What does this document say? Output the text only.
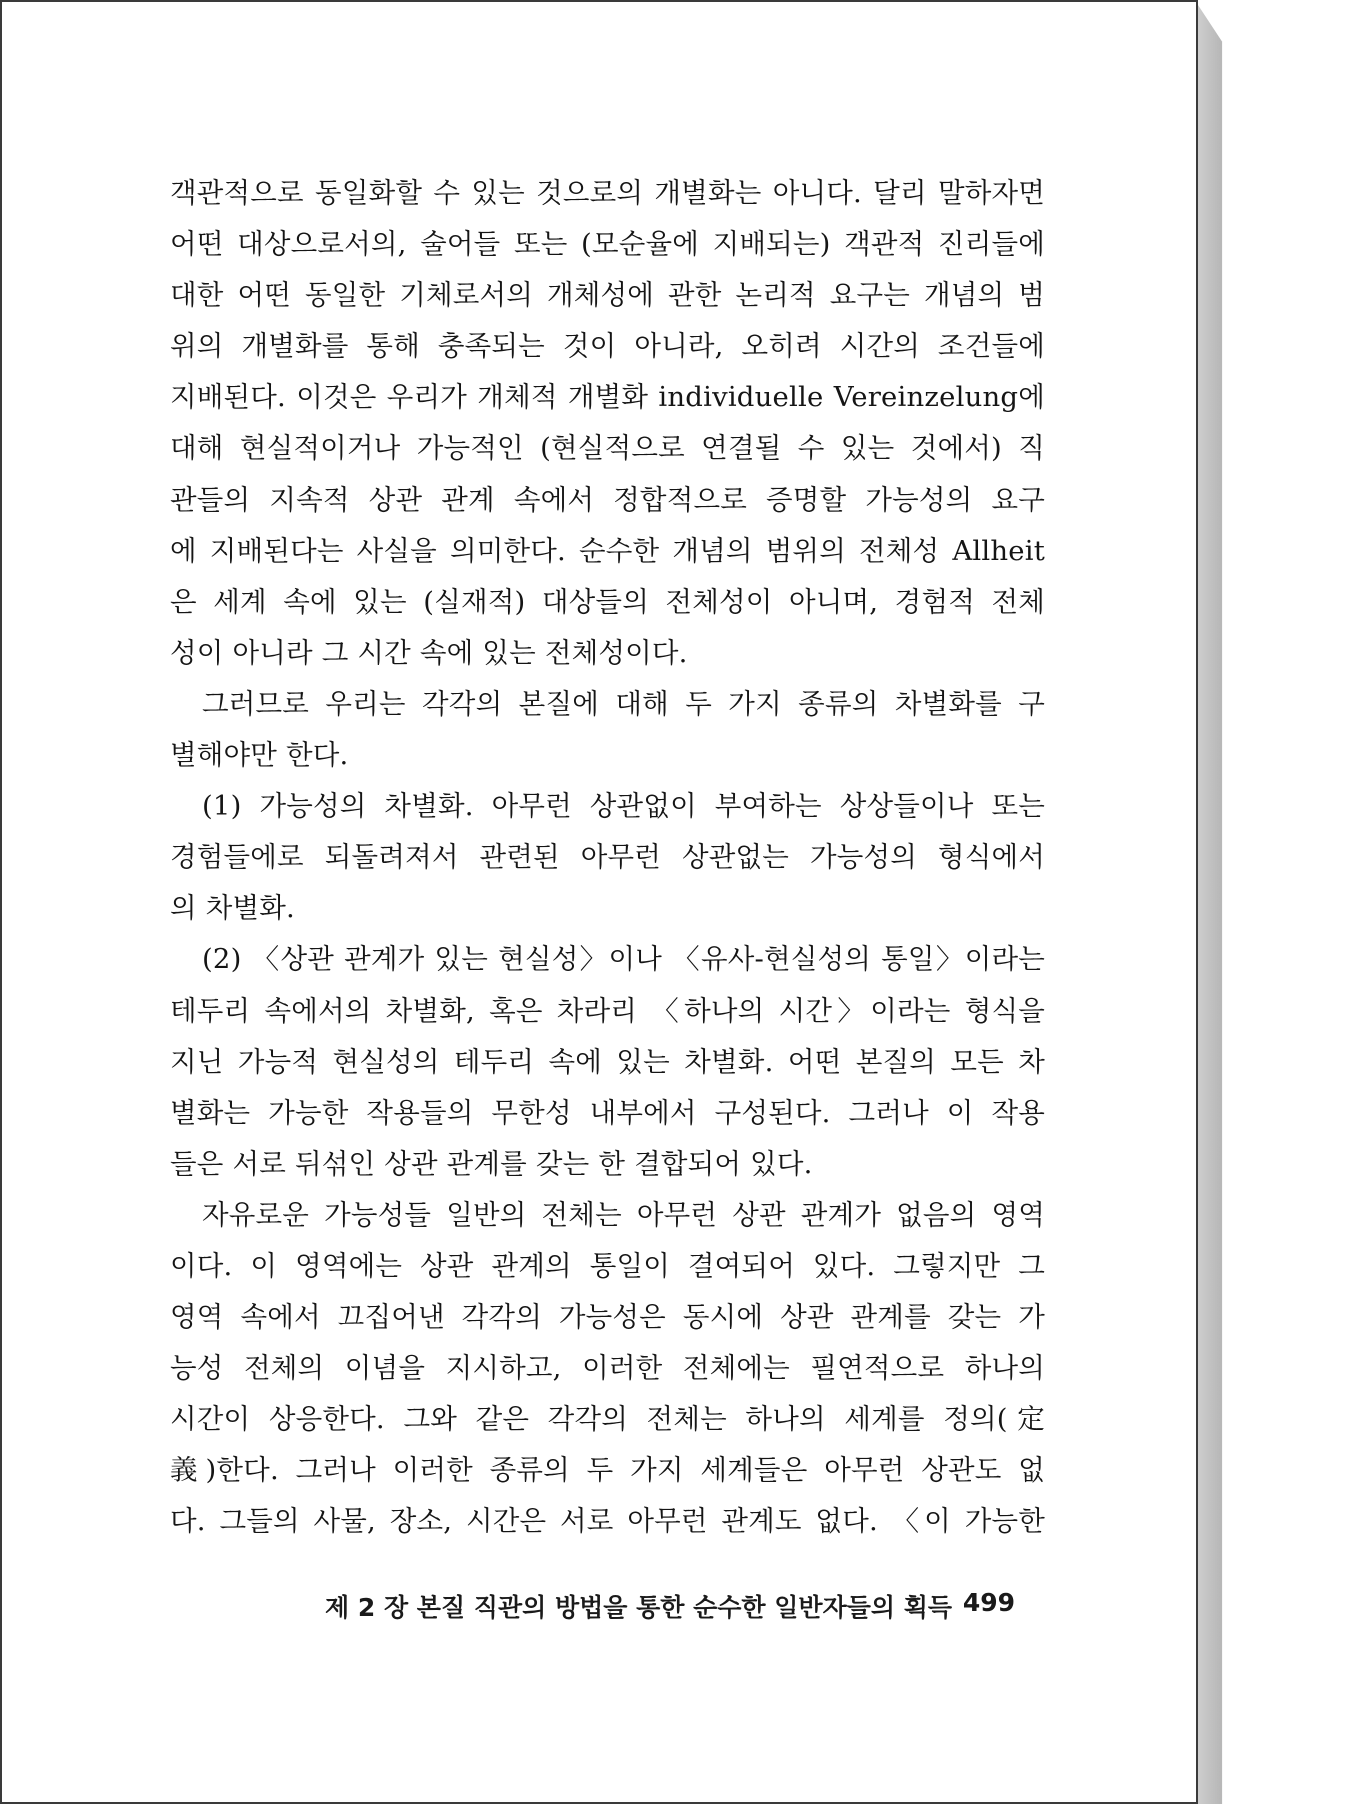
객관적으로 동일화할 수 있는 것으로의 개별화는 아니다. 달리 말하자면
어떤 대상으로서의, 술어들 또는 (모순율에 지배되는) 객관적 진리들에
대한 어떤 동일한 기체로서의 개체성에 관한 논리적 요구는 개념의 범
위의 개별화를 통해 충족되는 것이 아니라, 오히려 시간의 조건들에
지배된다. 이것은 우리가 개체적 개별화 individuelle Vereinzelung에
대해 현실적이거나 가능적인 (현실적으로 연결될 수 있는 것에서) 직
관들의 지속적 상관 관계 속에서 정합적으로 증명할 가능성의 요구
에 지배된다는 사실을 의미한다. 순수한 개념의 범위의 전체성 Allheit
은 세계 속에 있는 (실재적) 대상들의 전체성이 아니며, 경험적 전체
성이 아니라 그 시간 속에 있는 전체성이다.
그러므로 우리는 각각의 본질에 대해 두 가지 종류의 차별화를 구
별해야만 한다.
(1) 가능성의 차별화. 아무런 상관없이 부여하는 상상들이나 또는
경험들에로 되돌려져서 관련된 아무런 상관없는 가능성의 형식에서
의 차별화.
(2) 〈상관 관계가 있는 현실성〉이나 〈유사-현실성의 통일〉이라는
테두리 속에서의 차별화, 혹은 차라리 〈하나의 시간〉이라는 형식을
지닌 가능적 현실성의 테두리 속에 있는 차별화. 어떤 본질의 모든 차
별화는 가능한 작용들의 무한성 내부에서 구성된다. 그러나 이 작용
들은 서로 뒤섞인 상관 관계를 갖는 한 결합되어 있다.
자유로운 가능성들 일반의 전체는 아무런 상관 관계가 없음의 영역
이다. 이 영역에는 상관 관계의 통일이 결여되어 있다. 그렇지만 그
영역 속에서 끄집어낸 각각의 가능성은 동시에 상관 관계를 갖는 가
능성 전체의 이념을 지시하고, 이러한 전체에는 필연적으로 하나의
시간이 상응한다. 그와 같은 각각의 전체는 하나의 세계를 정의(定
義)한다. 그러나 이러한 종류의 두 가지 세계들은 아무런 상관도 없
다. 그들의 사물, 장소, 시간은 서로 아무런 관계도 없다. 〈이 가능한
제 2 장 본질 직관의 방법을 통한 순수한 일반자들의 획득 499
